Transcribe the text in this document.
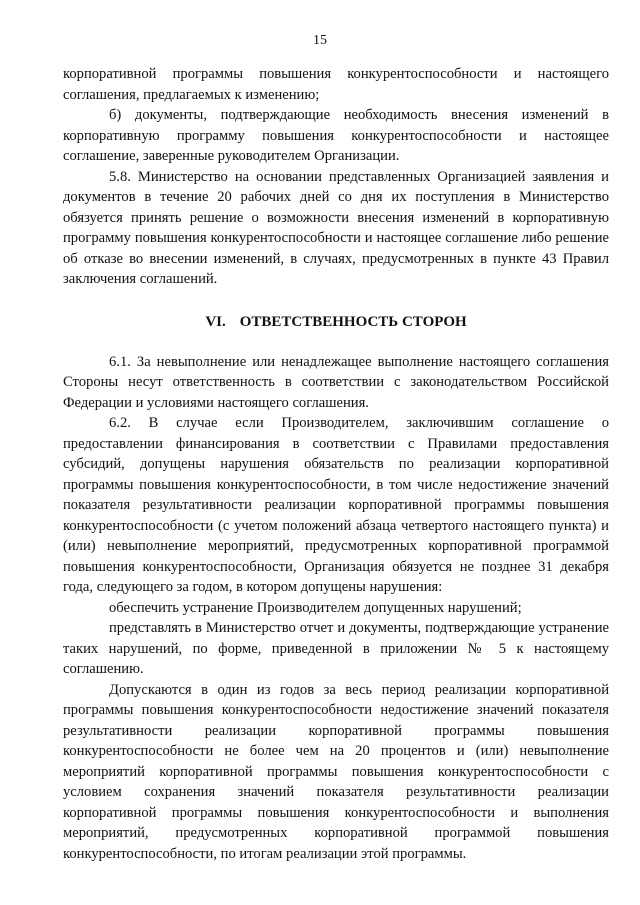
15

корпоративной программы повышения конкурентоспособности и настоящего соглашения, предлагаемых к изменению;

б) документы, подтверждающие необходимость внесения изменений в корпоративную программу повышения конкурентоспособности и настоящее соглашение, заверенные руководителем Организации.

5.8. Министерство на основании представленных Организацией заявления и документов в течение 20 рабочих дней со дня их поступления в Министерство обязуется принять решение о возможности внесения изменений в корпоративную программу повышения конкурентоспособности и настоящее соглашение либо решение об отказе во внесении изменений, в случаях, предусмотренных в пункте 43 Правил заключения соглашений.

VI. ОТВЕТСТВЕННОСТЬ СТОРОН

6.1. За невыполнение или ненадлежащее выполнение настоящего соглашения Стороны несут ответственность в соответствии с законодательством Российской Федерации и условиями настоящего соглашения.

6.2. В случае если Производителем, заключившим соглашение о предоставлении финансирования в соответствии с Правилами предоставления субсидий, допущены нарушения обязательств по реализации корпоративной программы повышения конкурентоспособности, в том числе недостижение значений показателя результативности реализации корпоративной программы повышения конкурентоспособности (с учетом положений абзаца четвертого настоящего пункта) и (или) невыполнение мероприятий, предусмотренных корпоративной программой повышения конкурентоспособности, Организация обязуется не позднее 31 декабря года, следующего за годом, в котором допущены нарушения:

обеспечить устранение Производителем допущенных нарушений;

представлять в Министерство отчет и документы, подтверждающие устранение таких нарушений, по форме, приведенной в приложении № 5 к настоящему соглашению.

Допускаются в один из годов за весь период реализации корпоративной программы повышения конкурентоспособности недостижение значений показателя результативности реализации корпоративной программы повышения конкурентоспособности не более чем на 20 процентов и (или) невыполнение мероприятий корпоративной программы повышения конкурентоспособности с условием сохранения значений показателя результативности реализации корпоративной программы повышения конкурентоспособности и выполнения мероприятий, предусмотренных корпоративной программой повышения конкурентоспособности, по итогам реализации этой программы.
